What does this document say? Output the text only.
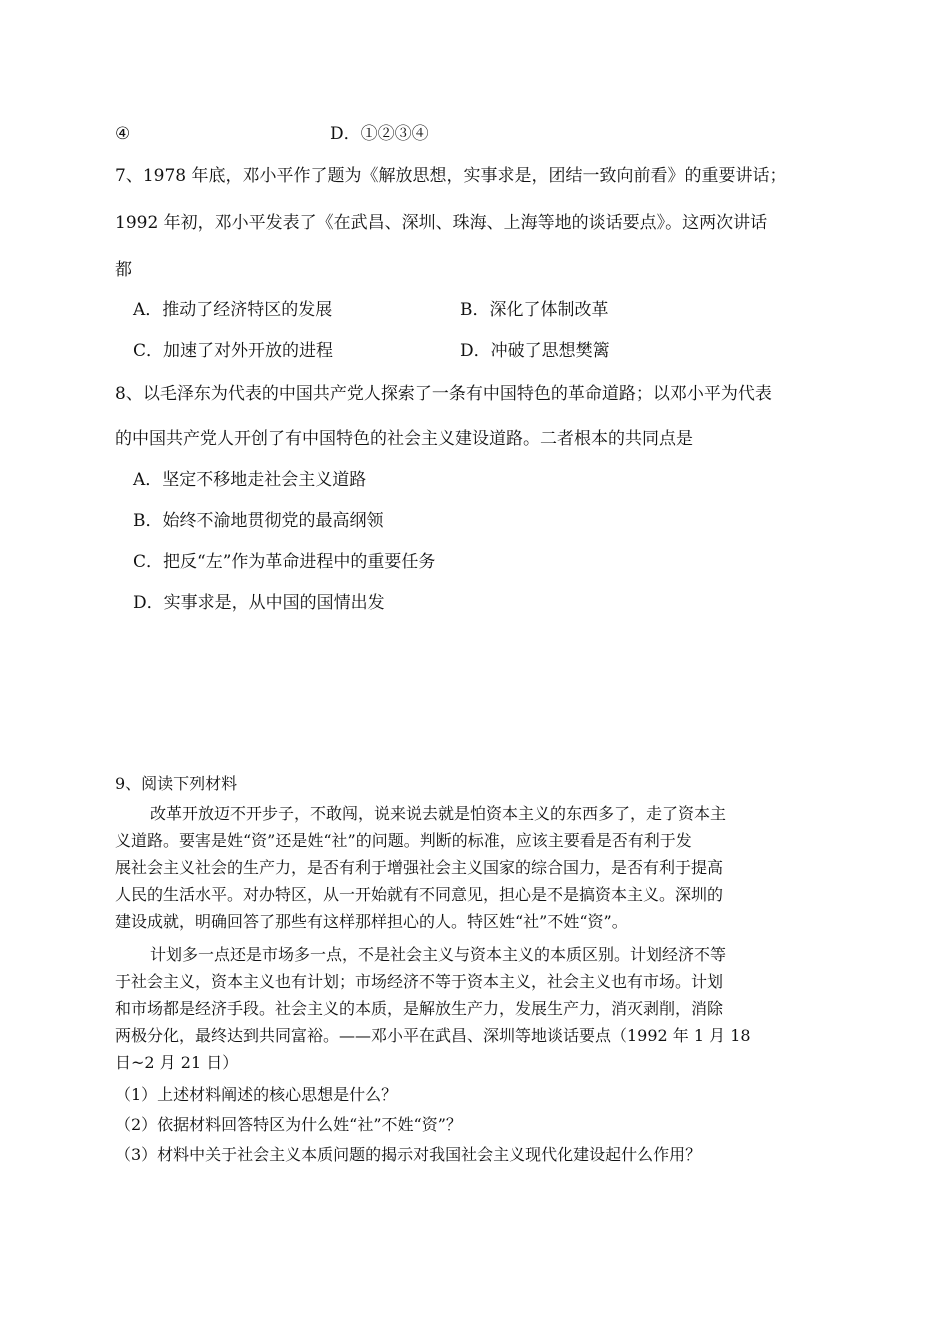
④	D．①②③④
7、1978 年底，邓小平作了题为《解放思想，实事求是，团结一致向前看》的重要讲话；
1992 年初，邓小平发表了《在武昌、深圳、珠海、上海等地的谈话要点》。这两次讲话
都
A．推动了经济特区的发展	B．深化了体制改革
C．加速了对外开放的进程	D．冲破了思想樊篱
8、以毛泽东为代表的中国共产党人探索了一条有中国特色的革命道路；以邓小平为代表
的中国共产党人开创了有中国特色的社会主义建设道路。二者根本的共同点是
A．坚定不移地走社会主义道路
B．始终不渝地贯彻党的最高纲领
C．把反“左”作为革命进程中的重要任务
D．实事求是，从中国的国情出发
9、阅读下列材料
改革开放迈不开步子，不敢闯，说来说去就是怕资本主义的东西多了，走了资本主
义道路。要害是姓“资”还是姓“社”的问题。判断的标准，应该主要看是否有利于发
展社会主义社会的生产力，是否有利于增强社会主义国家的综合国力，是否有利于提高
人民的生活水平。对办特区，从一开始就有不同意见，担心是不是搞资本主义。深圳的
建设成就，明确回答了那些有这样那样担心的人。特区姓“社”不姓“资”。
计划多一点还是市场多一点，不是社会主义与资本主义的本质区别。计划经济不等
于社会主义，资本主义也有计划；市场经济不等于资本主义，社会主义也有市场。计划
和市场都是经济手段。社会主义的本质，是解放生产力，发展生产力，消灭剥削，消除
两极分化，最终达到共同富裕。——邓小平在武昌、深圳等地谈话要点（1992 年 1 月 18
日~2 月 21 日）
（1）上述材料阐述的核心思想是什么？
（2）依据材料回答特区为什么姓“社”不姓“资”？
（3）材料中关于社会主义本质问题的揭示对我国社会主义现代化建设起什么作用？
